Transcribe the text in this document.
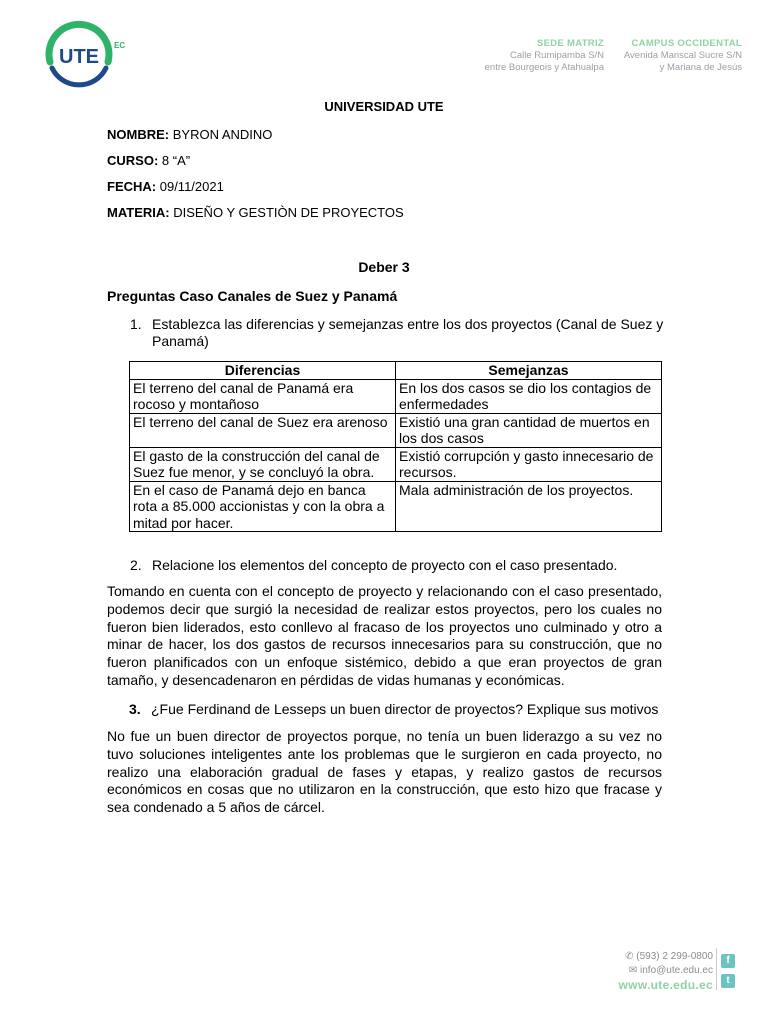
UTE
EC	SEDE MATRIZ
Calle Rumipamba S/N
entre Bourgeois y Atahualpa
CAMPUS OCCIDENTAL
Avenida Mariscal Sucre S/N
y Mariana de Jesús
UNIVERSIDAD UTE
NOMBRE: BYRON ANDINO
CURSO: 8 “A”
FECHA: 09/11/2021
MATERIA: DISEÑO Y GESTIÒN DE PROYECTOS
Deber 3
Preguntas Caso Canales de Suez y Panamá
1. Establezca las diferencias y semejanzas entre los dos proyectos (Canal de Suez y Panamá)
Diferencias	Semejanzas
El terreno del canal de Panamá era rocoso y montañoso	En los dos casos se dio los contagios de enfermedades
El terreno del canal de Suez era arenoso	Existió una gran cantidad de muertos en los dos casos
El gasto de la construcción del canal de Suez fue menor, y se concluyó la obra.	Existió corrupción y gasto innecesario de recursos.
En el caso de Panamá dejo en banca rota a 85.000 accionistas y con la obra a mitad por hacer.	Mala administración de los proyectos.
2. Relacione los elementos del concepto de proyecto con el caso presentado.
Tomando en cuenta con el concepto de proyecto y relacionando con el caso presentado, podemos decir que surgió la necesidad de realizar estos proyectos, pero los cuales no fueron bien liderados, esto conllevo al fracaso de los proyectos uno culminado y otro a minar de hacer, los dos gastos de recursos innecesarios para su construcción, que no fueron planificados con un enfoque sistémico, debido a que eran proyectos de gran tamaño, y desencadenaron en pérdidas de vidas humanas y económicas.
3. ¿Fue Ferdinand de Lesseps un buen director de proyectos? Explique sus motivos
No fue un buen director de proyectos porque, no tenía un buen liderazgo a su vez no tuvo soluciones inteligentes ante los problemas que le surgieron en cada proyecto, no realizo una elaboración gradual de fases y etapas, y realizo gastos de recursos económicos en cosas que no utilizaron en la construcción, que esto hizo que fracase y sea condenado a 5 años de cárcel.
✆ (593) 2 299-0800
✉ info@ute.edu.ec
www.ute.edu.ec
f
t
